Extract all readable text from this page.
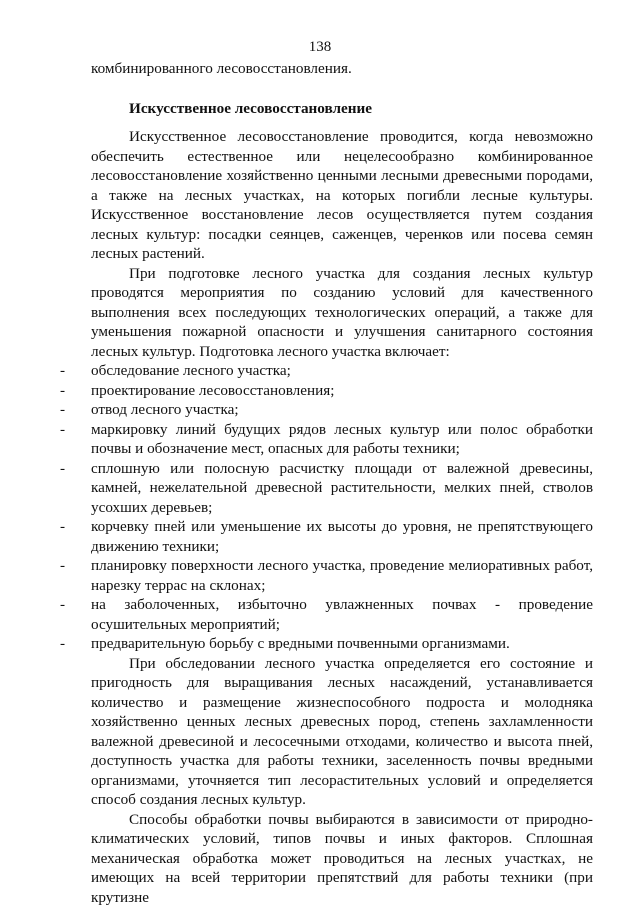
138

комбинированного лесовосстановления.

Искусственное лесовосстановление

Искусственное лесовосстановление проводится, когда невозможно обеспечить естественное или нецелесообразно комбинированное лесовосстановление хозяйственно ценными лесными древесными породами, а также на лесных участках, на которых погибли лесные культуры. Искусственное восстановление лесов осуществляется путем создания лесных культур: посадки сеянцев, саженцев, черенков или посева семян лесных растений.

При подготовке лесного участка для создания лесных культур проводятся мероприятия по созданию условий для качественного выполнения всех последующих технологических операций, а также для уменьшения пожарной опасности и улучшения санитарного состояния лесных культур. Подготовка лесного участка включает:

- обследование лесного участка;
- проектирование лесовосстановления;
- отвод лесного участка;
- маркировку линий будущих рядов лесных культур или полос обработки почвы и обозначение мест, опасных для работы техники;
- сплошную или полосную расчистку площади от валежной древесины, камней, нежелательной древесной растительности, мелких пней, стволов усохших деревьев;
- корчевку пней или уменьшение их высоты до уровня, не препятствующего движению техники;
- планировку поверхности лесного участка, проведение мелиоративных работ, нарезку террас на склонах;
- на заболоченных, избыточно увлажненных почвах - проведение осушительных мероприятий;
- предварительную борьбу с вредными почвенными организмами.

При обследовании лесного участка определяется его состояние и пригодность для выращивания лесных насаждений, устанавливается количество и размещение жизнеспособного подроста и молодняка хозяйственно ценных лесных древесных пород, степень захламленности валежной древесиной и лесосечными отходами, количество и высота пней, доступность участка для работы техники, заселенность почвы вредными организмами, уточняется тип лесорастительных условий и определяется способ создания лесных культур.

Способы обработки почвы выбираются в зависимости от природно-климатических условий, типов почвы и иных факторов. Сплошная механическая обработка может проводиться на лесных участках, не имеющих на всей территории препятствий для работы техники (при крутизне
